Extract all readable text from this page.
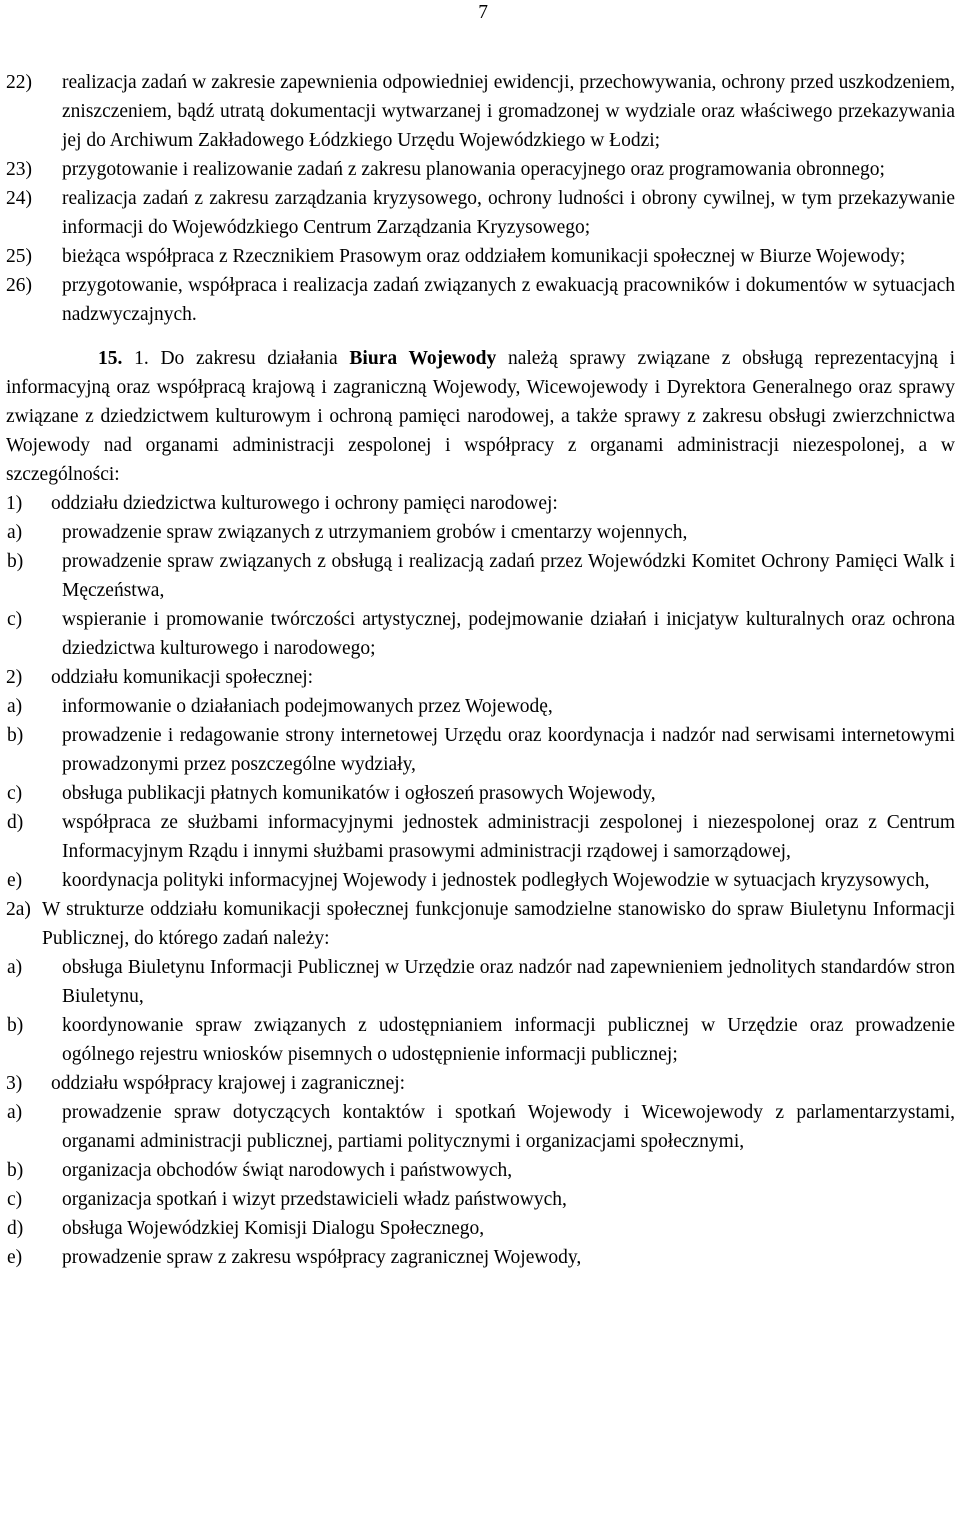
7
22)	realizacja zadań w zakresie zapewnienia odpowiedniej ewidencji, przechowywania, ochrony przed uszkodzeniem, zniszczeniem, bądź utratą dokumentacji wytwarzanej i gromadzonej w wydziale oraz właściwego przekazywania jej do Archiwum Zakładowego Łódzkiego Urzędu Wojewódzkiego w Łodzi;
23)	przygotowanie i realizowanie zadań z zakresu planowania operacyjnego oraz programowania obronnego;
24)	realizacja zadań z zakresu zarządzania kryzysowego, ochrony ludności i obrony cywilnej, w tym przekazywanie informacji do Wojewódzkiego Centrum Zarządzania Kryzysowego;
25)	bieżąca współpraca z Rzecznikiem Prasowym oraz oddziałem komunikacji społecznej w Biurze Wojewody;
26)	przygotowanie, współpraca i realizacja zadań związanych z ewakuacją pracowników i dokumentów w sytuacjach nadzwyczajnych.
15. 1. Do zakresu działania Biura Wojewody należą sprawy związane z obsługą reprezentacyjną i informacyjną oraz współpracą krajową i zagraniczną Wojewody, Wicewojewody i Dyrektora Generalnego oraz sprawy związane z dziedzictwem kulturowym i ochroną pamięci narodowej, a także sprawy z zakresu obsługi zwierzchnictwa Wojewody nad organami administracji zespolonej i współpracy z organami administracji niezespolonej, a w szczególności:
1)	oddziału dziedzictwa kulturowego i ochrony pamięci narodowej:
a)	prowadzenie spraw związanych z utrzymaniem grobów i cmentarzy wojennych,
b)	prowadzenie spraw związanych z obsługą i realizacją zadań przez Wojewódzki Komitet Ochrony Pamięci Walk i Męczeństwa,
c)	wspieranie i promowanie twórczości artystycznej, podejmowanie działań i inicjatyw kulturalnych oraz ochrona dziedzictwa kulturowego i narodowego;
2)	oddziału komunikacji społecznej:
a)	informowanie o działaniach podejmowanych przez Wojewodę,
b)	prowadzenie i redagowanie strony internetowej Urzędu oraz koordynacja i nadzór nad serwisami internetowymi prowadzonymi przez poszczególne wydziały,
c)	obsługa publikacji płatnych komunikatów i ogłoszeń prasowych Wojewody,
d)	współpraca ze służbami informacyjnymi jednostek administracji zespolonej i niezespolonej oraz z Centrum Informacyjnym Rządu i innymi służbami prasowymi administracji rządowej i samorządowej,
e)	koordynacja polityki informacyjnej Wojewody i jednostek podległych Wojewodzie w sytuacjach kryzysowych,
2a) W strukturze oddziału komunikacji społecznej funkcjonuje samodzielne stanowisko do spraw Biuletynu Informacji Publicznej, do którego zadań należy:
a)	obsługa Biuletynu Informacji Publicznej w Urzędzie oraz nadzór nad zapewnieniem jednolitych standardów stron Biuletynu,
b)	koordynowanie spraw związanych z udostępnianiem informacji publicznej w Urzędzie oraz prowadzenie ogólnego rejestru wniosków pisemnych o udostępnienie informacji publicznej;
3)	oddziału współpracy krajowej i zagranicznej:
a)	prowadzenie spraw dotyczących kontaktów i spotkań Wojewody i Wicewojewody z parlamentarzystami, organami administracji publicznej, partiami politycznymi i organizacjami społecznymi,
b)	organizacja obchodów świąt narodowych i państwowych,
c)	organizacja spotkań i wizyt przedstawicieli władz państwowych,
d)	obsługa Wojewódzkiej Komisji Dialogu Społecznego,
e)	prowadzenie spraw z zakresu współpracy zagranicznej Wojewody,
